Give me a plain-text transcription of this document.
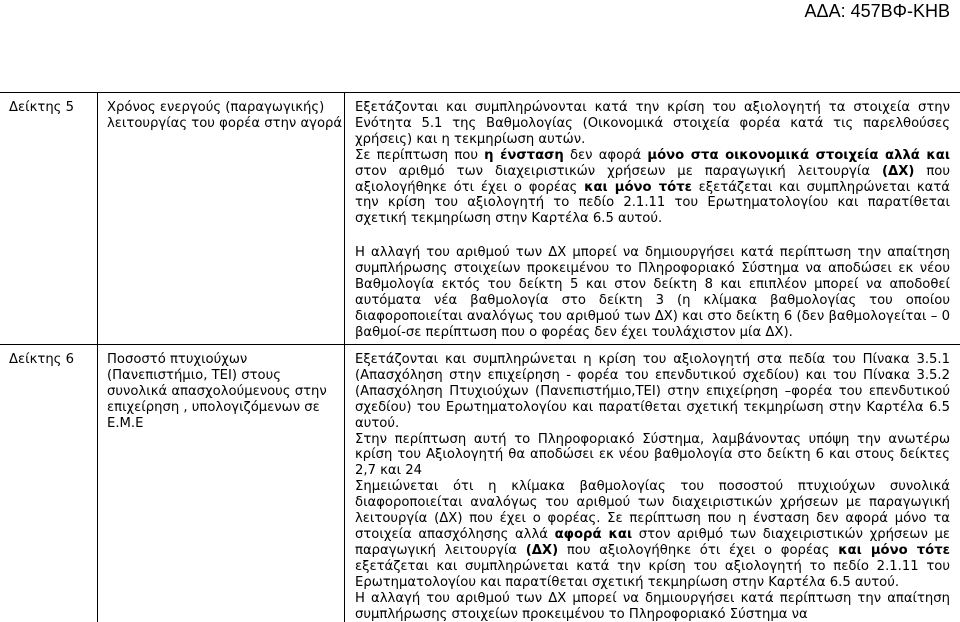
ΑΔΑ: 457ΒΦ-ΚΗΒ
Δείκτης 5	Χρόνος ενεργούς (παραγωγικής) λειτουργίας του φορέα στην αγορά	Εξετάζονται και συμπληρώνονται κατά την κρίση του αξιολογητή τα στοιχεία στην Ενότητα 5.1 της Βαθμολογίας (Οικονομικά στοιχεία φορέα κατά τις παρελθούσες χρήσεις) και η τεκμηρίωση αυτών.

Σε περίπτωση που η ένσταση δεν αφορά μόνο στα οικονομικά στοιχεία αλλά και στον αριθμό των διαχειριστικών χρήσεων με παραγωγική λειτουργία (ΔΧ) που αξιολογήθηκε ότι έχει ο φορέας και μόνο τότε εξετάζεται και συμπληρώνεται κατά την κρίση του αξιολογητή το πεδίο 2.1.11 του Ερωτηματολογίου και παρατίθεται σχετική τεκμηρίωση στην Καρτέλα 6.5 αυτού.

Η αλλαγή του αριθμού των ΔΧ μπορεί να δημιουργήσει κατά περίπτωση την απαίτηση συμπλήρωσης στοιχείων προκειμένου το Πληροφοριακό Σύστημα να αποδώσει εκ νέου Βαθμολογία εκτός του δείκτη 5 και στον δείκτη 8 και επιπλέον μπορεί να αποδοθεί αυτόματα νέα βαθμολογία στο δείκτη 3 (η κλίμακα βαθμολογίας του οποίου διαφοροποιείται αναλόγως του αριθμού των ΔΧ) και στο δείκτη 6 (δεν βαθμολογείται – 0 βαθμοί-σε περίπτωση που ο φορέας δεν έχει τουλάχιστον μία ΔΧ).

Δείκτης 6	Ποσοστό πτυχιούχων (Πανεπιστήμιο, ΤΕΙ) στους συνολικά απασχολούμενους στην επιχείρηση , υπολογιζόμενων σε Ε.Μ.Ε	Εξετάζονται και συμπληρώνεται η κρίση του αξιολογητή στα πεδία του Πίνακα 3.5.1 (Απασχόληση στην επιχείρηση - φορέα του επενδυτικού σχεδίου) και του Πίνακα 3.5.2 (Απασχόληση Πτυχιούχων (Πανεπιστήμιο,ΤΕΙ) στην επιχείρηση –φορέα του επενδυτικού σχεδίου) του Ερωτηματολογίου και παρατίθεται σχετική τεκμηρίωση στην Καρτέλα 6.5 αυτού.

Στην περίπτωση αυτή το Πληροφοριακό Σύστημα, λαμβάνοντας υπόψη την ανωτέρω κρίση του Αξιολογητή θα αποδώσει εκ νέου βαθμολογία στο δείκτη 6 και στους δείκτες 2,7 και 24

Σημειώνεται ότι η κλίμακα βαθμολογίας του ποσοστού πτυχιούχων συνολικά διαφοροποιείται αναλόγως του αριθμού των διαχειριστικών χρήσεων με παραγωγική λειτουργία (ΔΧ) που έχει ο φορέας. Σε περίπτωση που η ένσταση δεν αφορά μόνο τα στοιχεία απασχόλησης αλλά αφορά και στον αριθμό των διαχειριστικών χρήσεων με παραγωγική λειτουργία (ΔΧ) που αξιολογήθηκε ότι έχει ο φορέας και μόνο τότε εξετάζεται και συμπληρώνεται κατά την κρίση του αξιολογητή το πεδίο 2.1.11 του Ερωτηματολογίου και παρατίθεται σχετική τεκμηρίωση στην Καρτέλα 6.5 αυτού.

Η αλλαγή του αριθμού των ΔΧ μπορεί να δημιουργήσει κατά περίπτωση την απαίτηση συμπλήρωσης στοιχείων προκειμένου το Πληροφοριακό Σύστημα να
